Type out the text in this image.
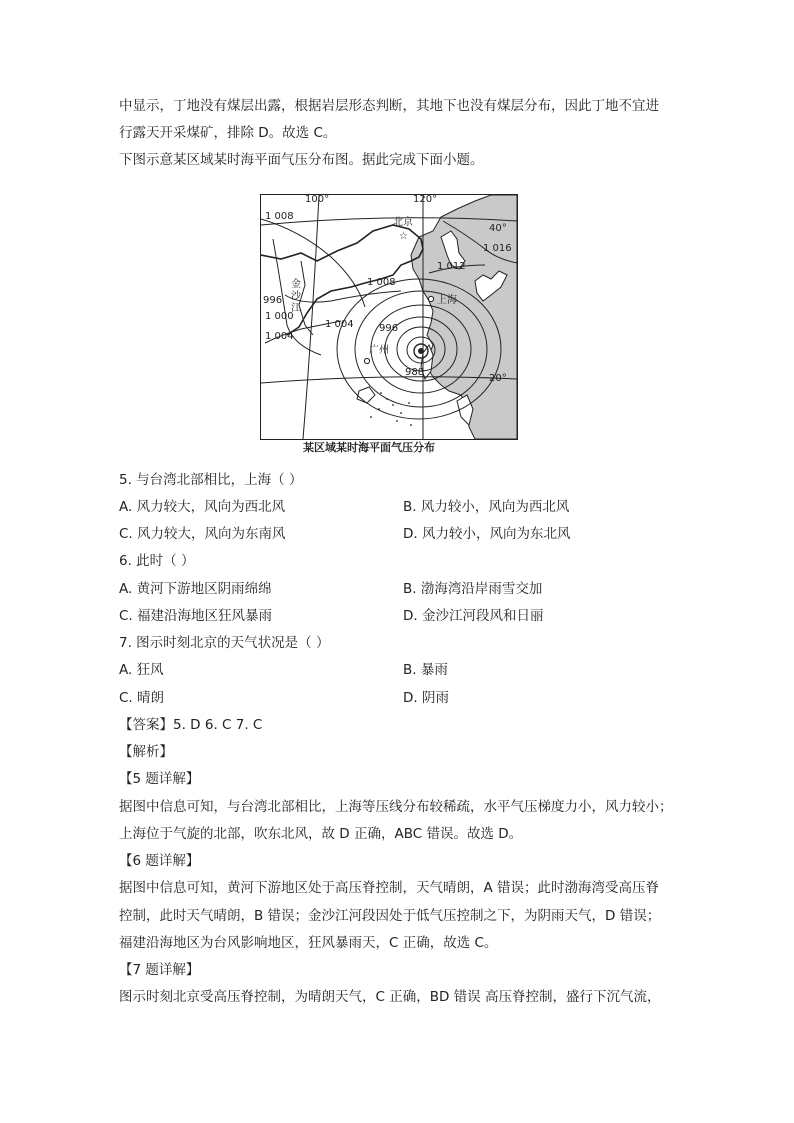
中显示，丁地没有煤层出露，根据岩层形态判断，其地下也没有煤层分布，因此丁地不宜进
行露天开采煤矿，排除 D。故选 C。
下图示意某区域某时海平面气压分布图。据此完成下面小题。
100°	120°
40°
20°
北京
☆
上海
广州
1 008
1 016
1 012
1 008
996
1 000
1 004
1 004	996
988
金
沙
江
某区域某时海平面气压分布
5. 与台湾北部相比，上海（ ）
A. 风力较大，风向为西北风	B. 风力较小，风向为西北风
C. 风力较大，风向为东南风	D. 风力较小，风向为东北风
6. 此时（ ）
A. 黄河下游地区阴雨绵绵	B. 渤海湾沿岸雨雪交加
C. 福建沿海地区狂风暴雨	D. 金沙江河段风和日丽
7. 图示时刻北京的天气状况是（ ）
A. 狂风	B. 暴雨
C. 晴朗	D. 阴雨
【答案】5. D 6. C 7. C
【解析】
【5 题详解】
据图中信息可知，与台湾北部相比，上海等压线分布较稀疏，水平气压梯度力小，风力较小；
上海位于气旋的北部，吹东北风，故 D 正确，ABC 错误。故选 D。
【6 题详解】
据图中信息可知，黄河下游地区处于高压脊控制，天气晴朗，A 错误；此时渤海湾受高压脊
控制，此时天气晴朗，B 错误；金沙江河段因处于低气压控制之下，为阴雨天气，D 错误；
福建沿海地区为台风影响地区，狂风暴雨天，C 正确，故选 C。
【7 题详解】
图示时刻北京受高压脊控制，为晴朗天气，C 正确，BD 错误 高压脊控制，盛行下沉气流，
